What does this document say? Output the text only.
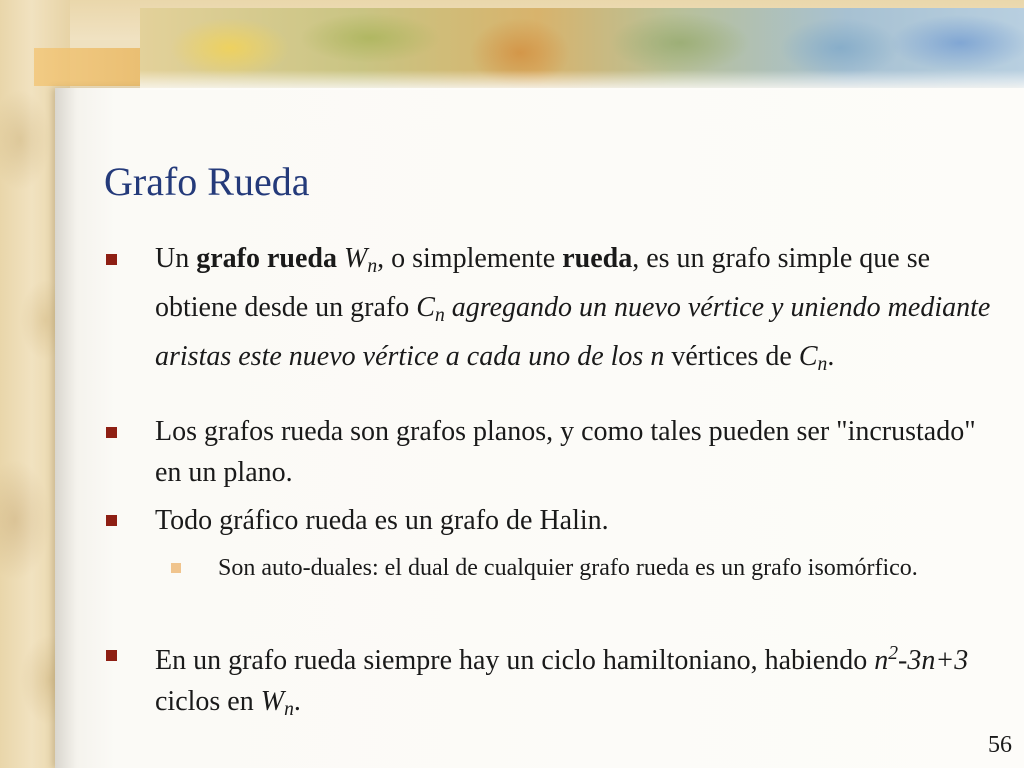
Grafo Rueda
Un grafo rueda $W_n$, o simplemente rueda, es un grafo simple que se obtiene desde un grafo $C_n$ agregando un nuevo vértice y uniendo mediante aristas este nuevo vértice a cada uno de los n vértices de $C_n$.
Los grafos rueda son grafos planos, y como tales pueden ser "incrustado" en un plano.
Todo gráfico rueda es un grafo de Halin.
Son auto-duales: el dual de cualquier grafo rueda es un grafo isomórfico.
En un grafo rueda siempre hay un ciclo hamiltoniano, habiendo $n^2-3n+3$ ciclos en $W_n$.
56
